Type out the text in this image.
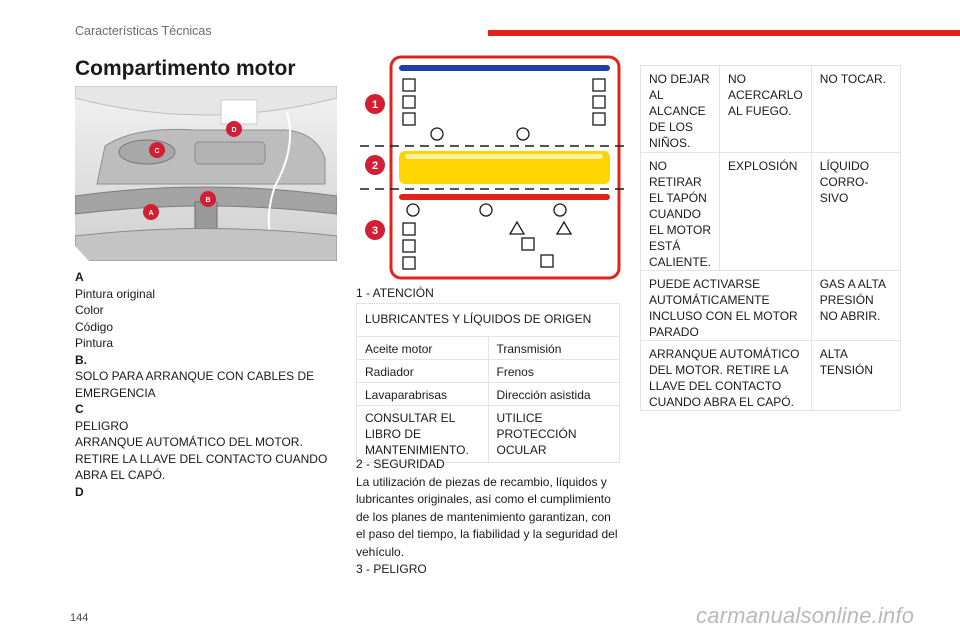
Características Técnicas
Compartimento motor
A
B
C
D
A
Pintura original
Color
Código
Pintura
B.
SOLO PARA ARRANQUE CON CABLES DE EMERGENCIA
C
PELIGRO
ARRANQUE AUTOMÁTICO DEL MOTOR. RETIRE LA LLAVE DEL CONTACTO CUANDO ABRA EL CAPÓ.
D
1
2
3
1 - ATENCIÓN
LUBRICANTES Y LÍQUIDOS DE ORIGEN	
Aceite motor	Transmisión
Radiador	Frenos
Lavaparabrisas	Dirección asistida
CONSULTAR EL LIBRO DE MANTENIMIENTO.	UTILICE PROTECCIÓN OCULAR
2 - SEGURIDAD
La utilización de piezas de recambio, líquidos y lubricantes originales, así como el cumplimiento de los planes de mantenimiento garantizan, con el paso del tiempo, la fiabilidad y la seguridad del vehículo.
3 - PELIGRO
NO DEJAR AL ALCANCE DE LOS NIÑOS.	NO ACERCARLO AL FUEGO.	NO TOCAR.
NO RETIRAR EL TAPÓN CUANDO EL MOTOR ESTÁ CALIENTE.	EXPLOSIÓN	LÍQUIDO CORROSIVO
PUEDE ACTIVARSE AUTOMÁTICAMENTE INCLUSO CON EL MOTOR PARADO		GAS A ALTA PRESIÓN NO ABRIR.
ARRANQUE AUTOMÁTICO DEL MOTOR. RETIRE LA LLAVE DEL CONTACTO CUANDO ABRA EL CAPÓ.		ALTA TENSIÓN
144	carmanualsonline.info
